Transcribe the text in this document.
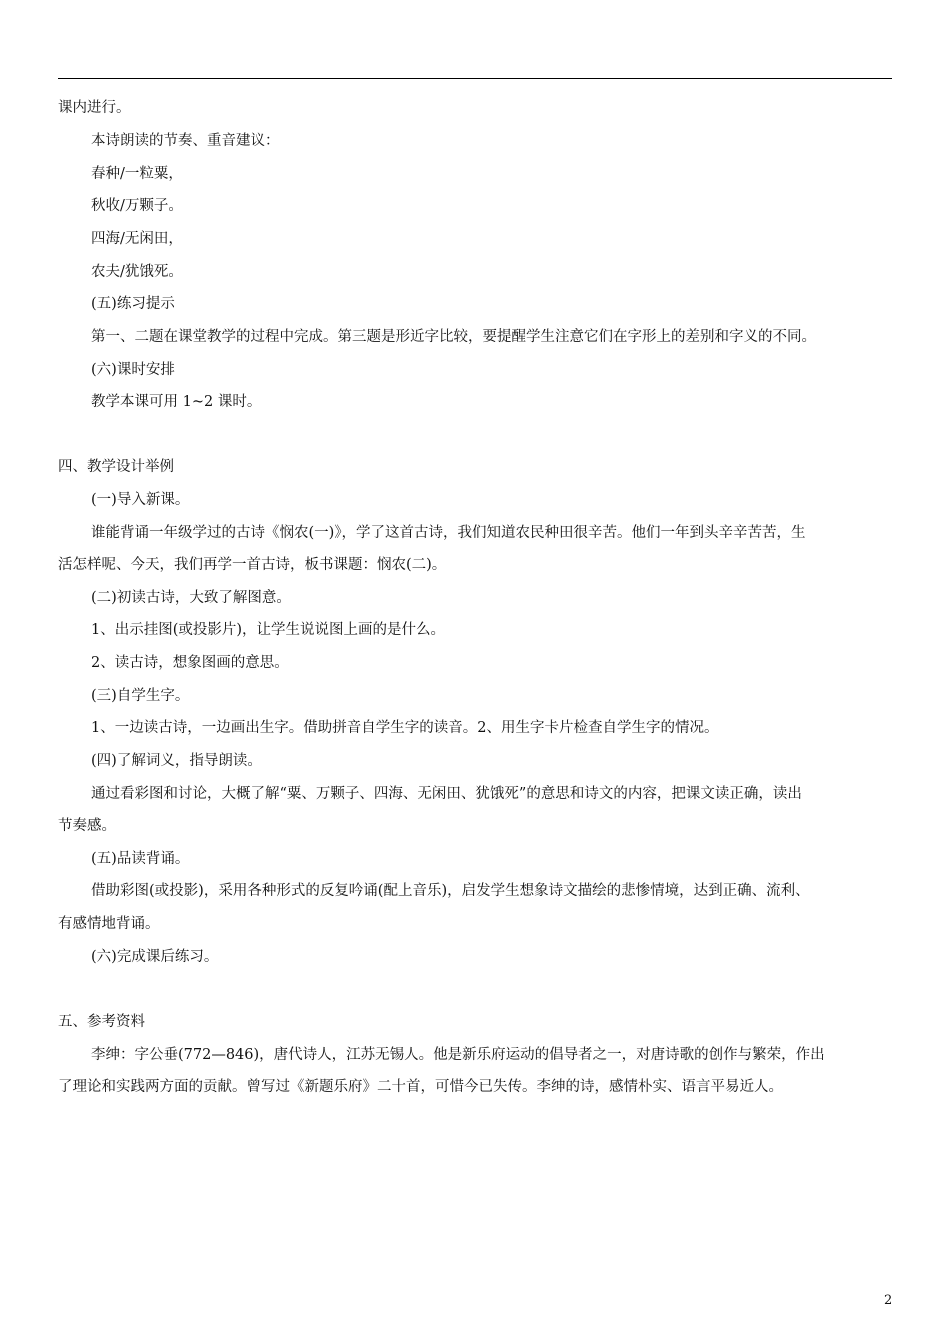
课内进行。
本诗朗读的节奏、重音建议：
春种/一粒粟，
秋收/万颗子。
四海/无闲田，
农夫/犹饿死。
(五)练习提示
第一、二题在课堂教学的过程中完成。第三题是形近字比较，要提醒学生注意它们在字形上的差别和字义的不同。
(六)课时安排
教学本课可用 1~2 课时。
四、教学设计举例
(一)导入新课。
谁能背诵一年级学过的古诗《悯农(一)》，学了这首古诗，我们知道农民种田很辛苦。他们一年到头辛辛苦苦，生
活怎样呢、今天，我们再学一首古诗，板书课题：悯农(二)。
(二)初读古诗，大致了解图意。
1、出示挂图(或投影片)，让学生说说图上画的是什么。
2、读古诗，想象图画的意思。
(三)自学生字。
1、一边读古诗，一边画出生字。借助拼音自学生字的读音。2、用生字卡片检查自学生字的情况。
(四)了解词义，指导朗读。
通过看彩图和讨论，大概了解“粟、万颗子、四海、无闲田、犹饿死”的意思和诗文的内容，把课文读正确，读出
节奏感。
(五)品读背诵。
借助彩图(或投影)，采用各种形式的反复吟诵(配上音乐)，启发学生想象诗文描绘的悲惨情境，达到正确、流利、
有感情地背诵。
(六)完成课后练习。
五、参考资料
李绅：字公垂(772—846)，唐代诗人，江苏无锡人。他是新乐府运动的倡导者之一，对唐诗歌的创作与繁荣，作出
了理论和实践两方面的贡献。曾写过《新题乐府》二十首，可惜今已失传。李绅的诗，感情朴实、语言平易近人。
2
